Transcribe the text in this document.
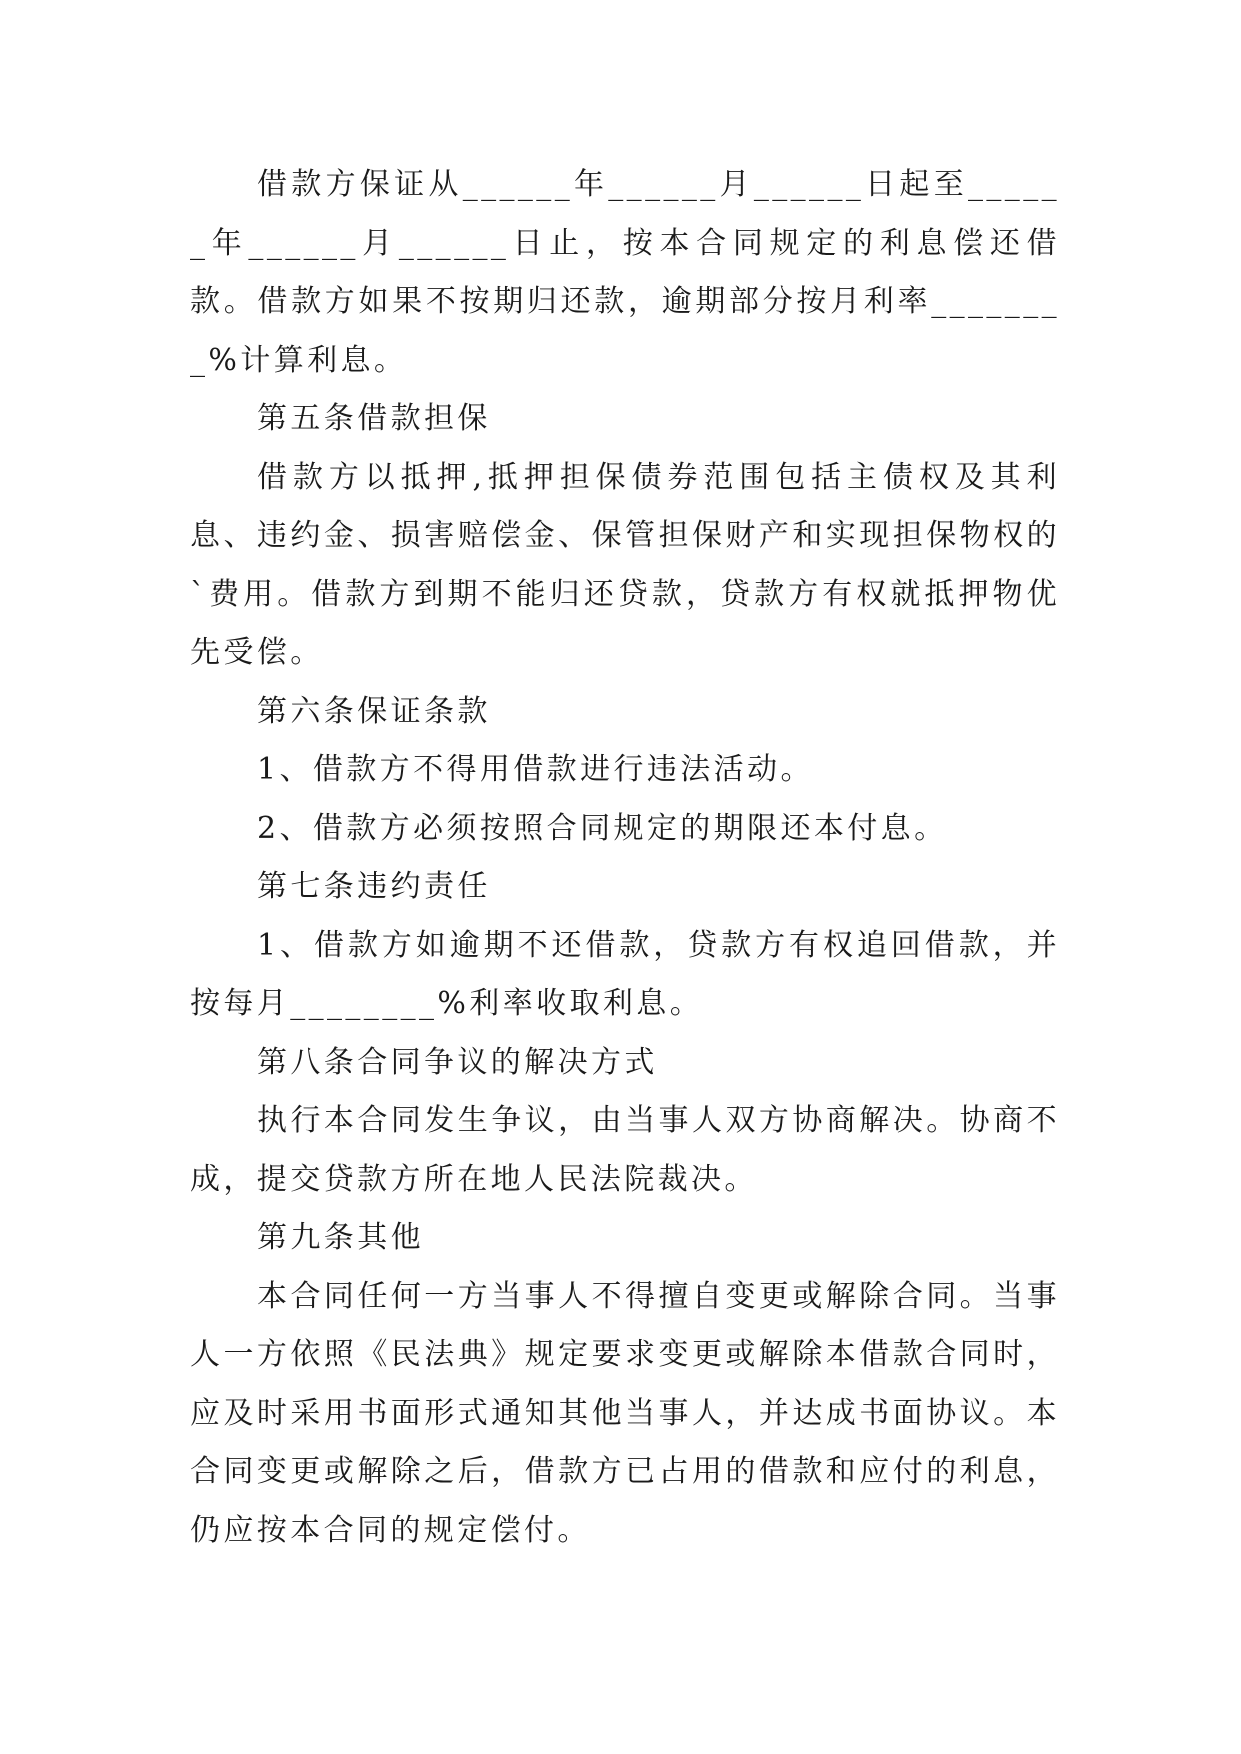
借款方保证从______年______月______日起至______年______月______日止，按本合同规定的利息偿还借款。借款方如果不按期归还款，逾期部分按月利率________%计算利息。

第五条借款担保

借款方以抵押,抵押担保债券范围包括主债权及其利息、违约金、损害赔偿金、保管担保财产和实现担保物权的`费用。借款方到期不能归还贷款，贷款方有权就抵押物优先受偿。

第六条保证条款

1、借款方不得用借款进行违法活动。

2、借款方必须按照合同规定的期限还本付息。

第七条违约责任

1、借款方如逾期不还借款，贷款方有权追回借款，并按每月________%利率收取利息。

第八条合同争议的解决方式

执行本合同发生争议，由当事人双方协商解决。协商不成，提交贷款方所在地人民法院裁决。

第九条其他

本合同任何一方当事人不得擅自变更或解除合同。当事人一方依照《民法典》规定要求变更或解除本借款合同时，应及时采用书面形式通知其他当事人，并达成书面协议。本合同变更或解除之后，借款方已占用的借款和应付的利息，仍应按本合同的规定偿付。
